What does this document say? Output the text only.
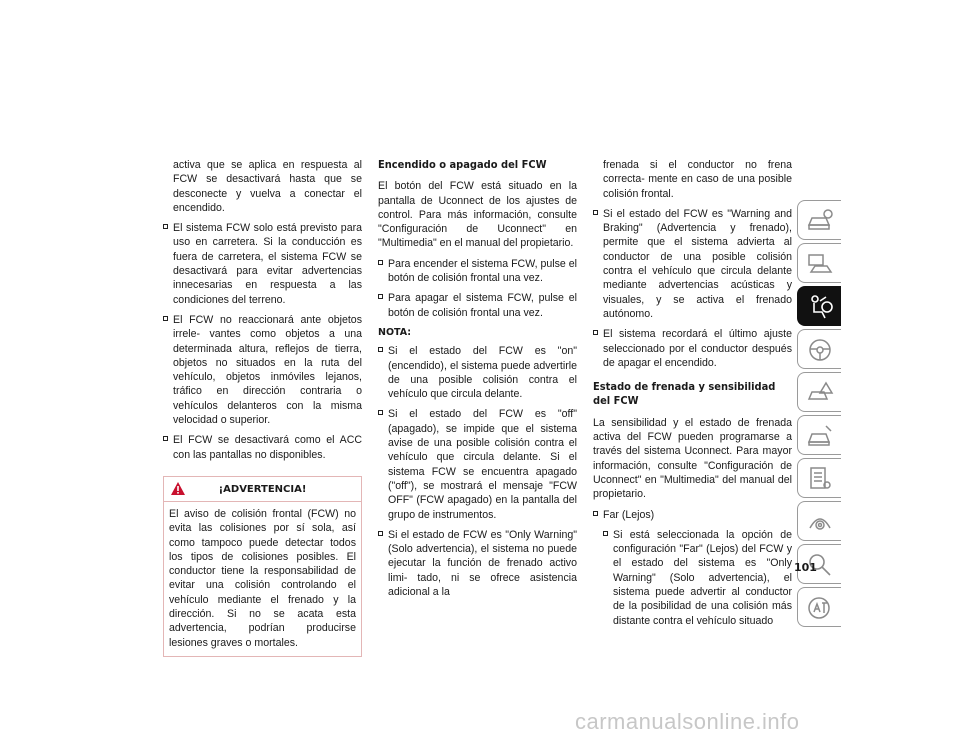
activa que se aplica en respuesta al FCW se desactivará hasta que se desconecte y vuelva a conectar el encendido.

El sistema FCW solo está previsto para uso en carretera. Si la conducción es fuera de carretera, el sistema FCW se desactivará para evitar advertencias innecesarias en respuesta a las condiciones del terreno.
El FCW no reaccionará ante objetos irrele- vantes como objetos a una determinada altura, reflejos de tierra, objetos no situados en la ruta del vehículo, objetos inmóviles lejanos, tráfico en dirección contraria o vehículos delanteros con la misma velocidad o superior.
El FCW se desactivará como el ACC con las pantallas no disponibles.
¡ADVERTENCIA!
El aviso de colisión frontal (FCW) no evita las colisiones por sí sola, así como tampoco puede detectar todos los tipos de colisiones posibles. El conductor tiene la responsabilidad de evitar una colisión controlando el vehículo mediante el frenado y la dirección. Si no se acata esta advertencia, podrían producirse lesiones graves o mortales.
Encendido o apagado del FCW

El botón del FCW está situado en la pantalla de Uconnect de los ajustes de control. Para más información, consulte "Configuración de Uconnect" en "Multimedia" en el manual del propietario.

Para encender el sistema FCW, pulse el botón de colisión frontal una vez.
Para apagar el sistema FCW, pulse el botón de colisión frontal una vez.
NOTA:
Si el estado del FCW es "on" (encendido), el sistema puede advertirle de una posible colisión contra el vehículo que circula delante.
Si el estado del FCW es "off" (apagado), se impide que el sistema avise de una posible colisión contra el vehículo que circula delante. Si el sistema FCW se encuentra apagado ("off"), se mostrará el mensaje "FCW OFF" (FCW apagado) en la pantalla del grupo de instrumentos.
Si el estado de FCW es "Only Warning" (Solo advertencia), el sistema no puede ejecutar la función de frenado activo limi- tado, ni se ofrece asistencia adicional a la

frenada si el conductor no frena correcta- mente en caso de una posible colisión frontal.

Si el estado del FCW es "Warning and Braking" (Advertencia y frenado), permite que el sistema advierta al conductor de una posible colisión contra el vehículo que circula delante mediante advertencias acústicas y visuales, y se activa el frenado autónomo.
El sistema recordará el último ajuste seleccionado por el conductor después de apagar el encendido.
Estado de frenada y sensibilidad del FCW

La sensibilidad y el estado de frenada activa del FCW pueden programarse a través del sistema Uconnect. Para mayor información, consulte "Configuración de Uconnect" en "Multimedia" del manual del propietario.

Far (Lejos)
Si está seleccionada la opción de configuración "Far" (Lejos) del FCW y el estado del sistema es "Only Warning" (Solo advertencia), el sistema puede advertir al conductor de la posibilidad de una colisión más distante contra el vehículo situado
101
carmanualsonline.info
